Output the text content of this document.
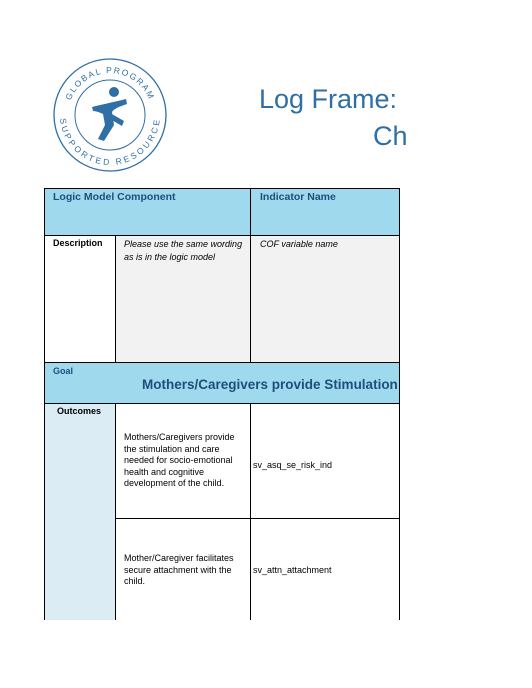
GLOBAL PROGRAM
SUPPORTED RESOURCE
Log Frame:
Ch
Logic Model Component	Indicator Name
Description Please use the same wording as is in the logic model
COF variable name
Goal
Mothers/Caregivers provide Stimulation
Outcomes
Mothers/Caregivers provide the stimulation and care needed for socio-emotional health and cognitive development of the child.
sv_asq_se_risk_ind
Mother/Caregiver facilitates secure attachment with the child.
sv_attn_attachment
